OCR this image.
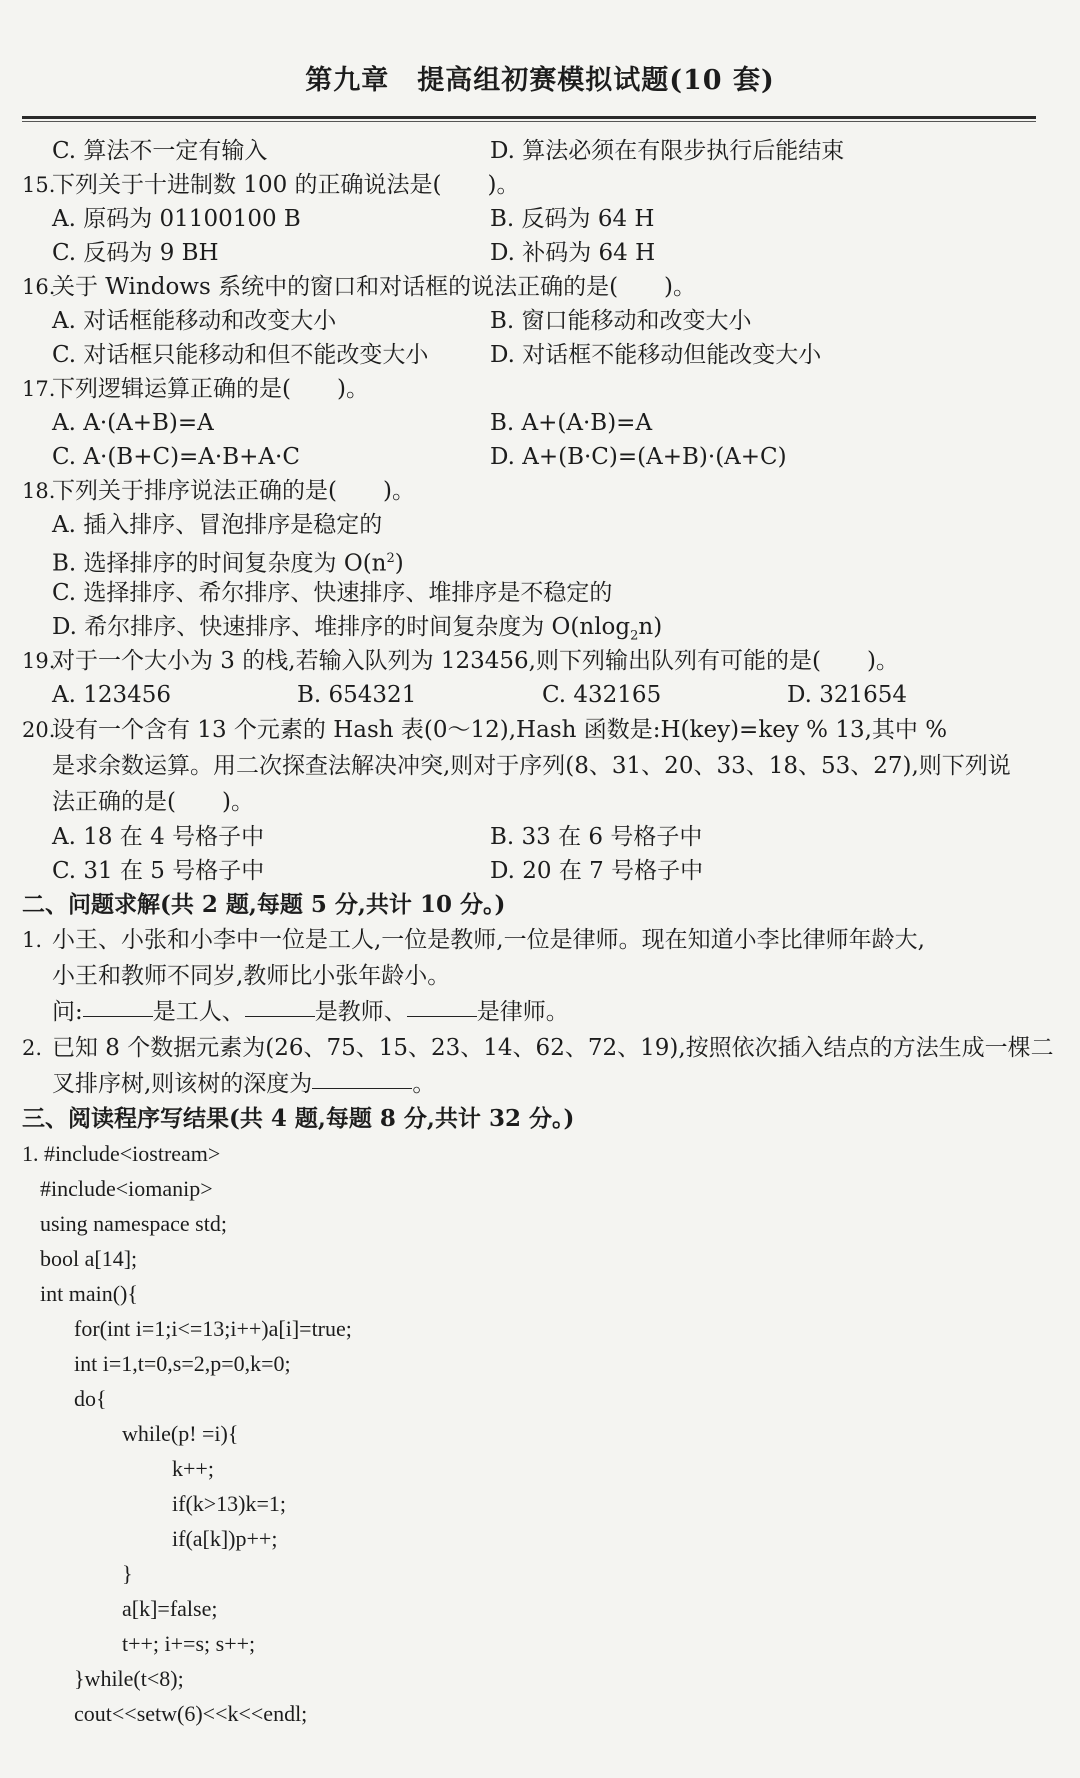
第九章　提高组初赛模拟试题(10 套)
C. 算法不一定有输入	D. 算法必须在有限步执行后能结束
15.
下列关于十进制数 100 的正确说法是(　　)。
A. 原码为 01100100 B	B. 反码为 64 H
C. 反码为 9 BH	D. 补码为 64 H
16.
关于 Windows 系统中的窗口和对话框的说法正确的是(　　)。
A. 对话框能移动和改变大小	B. 窗口能移动和改变大小
C. 对话框只能移动和但不能改变大小	D. 对话框不能移动但能改变大小
17.
下列逻辑运算正确的是(　　)。
A. A·(A+B)=A	B. A+(A·B)=A
C. A·(B+C)=A·B+A·C	D. A+(B·C)=(A+B)·(A+C)
18.
下列关于排序说法正确的是(　　)。
A. 插入排序、冒泡排序是稳定的
B. 选择排序的时间复杂度为 $O(n^2)$
C. 选择排序、希尔排序、快速排序、堆排序是不稳定的
D. 希尔排序、快速排序、堆排序的时间复杂度为 O(nlog$_2$n)
19.
对于一个大小为 3 的栈,若输入队列为 123456,则下列输出队列有可能的是(　　)。
A. 123456	B. 654321	C. 432165	D. 321654
20.
设有一个含有 13 个元素的 Hash 表(0～12),Hash 函数是:H(key)=key % 13,其中 %
是求余数运算。用二次探查法解决冲突,则对于序列(8、31、20、33、18、53、27),则下列说
法正确的是(　　)。
A. 18 在 4 号格子中	B. 33 在 6 号格子中
C. 31 在 5 号格子中	D. 20 在 7 号格子中
二、问题求解(共 2 题,每题 5 分,共计 10 分。)
1. 小王、小张和小李中一位是工人,一位是教师,一位是律师。现在知道小李比律师年龄大,
小王和教师不同岁,教师比小张年龄小。
问:	是工人、	是教师、	是律师。
2. 已知 8 个数据元素为(26、75、15、23、14、62、72、19),按照依次插入结点的方法生成一棵二
叉排序树,则该树的深度为	。
三、阅读程序写结果(共 4 题,每题 8 分,共计 32 分。)
1. #include<iostream>
#include<iomanip>
using namespace std;
bool a[14];
int main(){
for(int i=1;i<=13;i++)a[i]=true;
int i=1,t=0,s=2,p=0,k=0;
do{
while(p! =i){
k++;
if(k>13)k=1;
if(a[k])p++;
}
a[k]=false;
t++; i+=s; s++;
}while(t<8);
cout<<setw(6)<<k<<endl;
